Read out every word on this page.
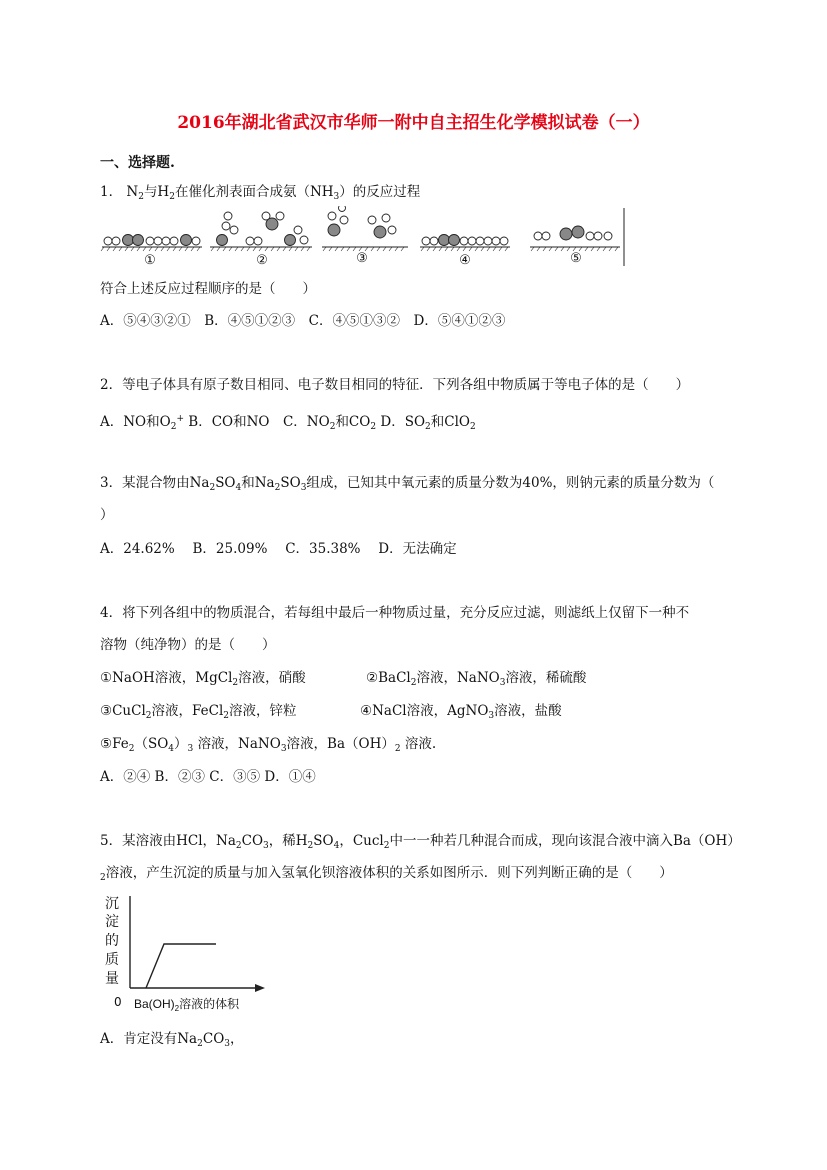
2016年湖北省武汉市华师一附中自主招生化学模拟试卷（一）
一、选择题.
1． $N_2$与$H_2$在催化剂表面合成氨$(NH_3)$的反应过程
①	②	③	④	⑤
符合上述反应过程顺序的是（　　）
A．⑤④③②①　B．④⑤①②③　C．④⑤①③②　D．⑤④①②③
2．等电子体具有原子数目相同、电子数目相同的特征．下列各组中物质属于等电子体的是（　　）
A．NO和$O_2^+$ B．CO和NO　C．$NO_2$和$CO_2$ D．$SO_2$和ClO$_2$
3．某混合物由$Na_2SO_4$和$Na_2SO_3$组成，已知其中氧元素的质量分数为40%，则钠元素的质量分数为（
）
A．24.62%　 B．25.09%　 C．35.38%　 D．无法确定
4．将下列各组中的物质混合，若每组中最后一种物质过量，充分反应过滤，则滤纸上仅留下一种不
溶物（纯净物）的是（　　）
①NaOH溶液，MgCl$_2$溶液，硝酸	②BaCl$_2$溶液，NaNO$_3$溶液，稀硫酸
③CuCl$_2$溶液，FeCl$_2$溶液，锌粒	④NaCl溶液，AgNO$_3$溶液，盐酸
$⑤Fe_2(SO_4)_3$ 溶液，NaNO$_3$溶液，$Ba(OH)_2$ 溶液.
A．②④ B．②③ C．③⑤ D．①④
5．某溶液由HCl，$Na_2CO_3$，稀$H_2SO_4$，Cucl$_2$中一一种若几种混合而成，现向该混合液中滴入Ba（OH）
$_2$溶液，产生沉淀的质量与加入氢氧化钡溶液体积的关系如图所示．则下列判断正确的是（　　）
沉
淀
的
质
量
0 $Ba(OH)_2$溶液的体积
A．肯定没有$Na_2CO_3$，
